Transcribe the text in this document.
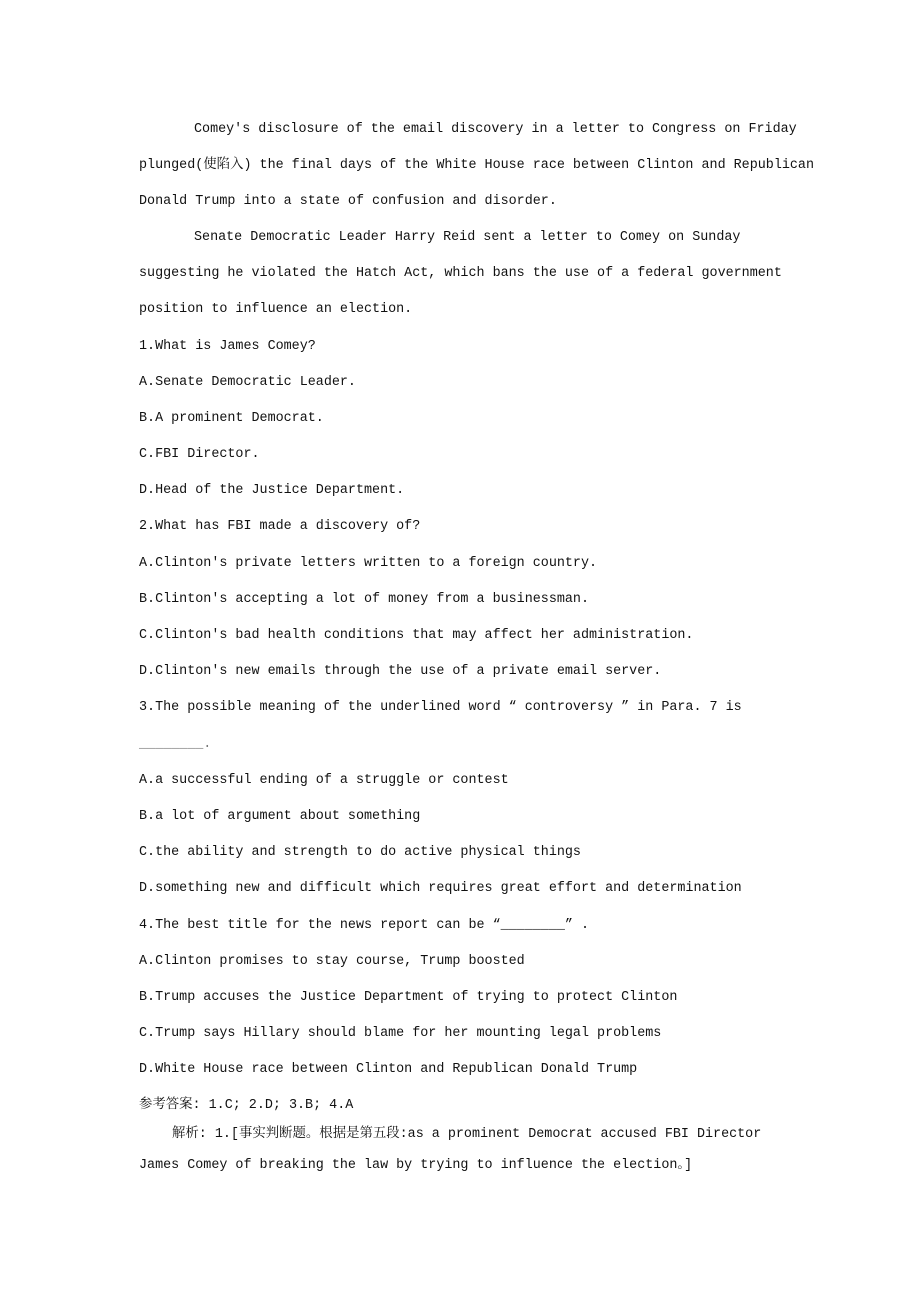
Comey's disclosure of the email discovery in a letter to Congress on Friday
plunged(使陷入) the final days of the White House race between Clinton and Republican
Donald Trump into a state of confusion and disorder.
Senate Democratic Leader Harry Reid sent a letter to Comey on Sunday
suggesting he violated the Hatch Act, which bans the use of a federal government
position to influence an election.
1.What is James Comey?
A.Senate Democratic Leader.
B.A prominent Democrat.
C.FBI Director.
D.Head of the Justice Department.
2.What has FBI made a discovery of?
A.Clinton's private letters written to a foreign country.
B.Clinton's accepting a lot of money from a businessman.
C.Clinton's bad health conditions that may affect her administration.
D.Clinton's new emails through the use of a private email server.
3.The possible meaning of the underlined word “ controversy ” in Para. 7 is
________.
A.a successful ending of a struggle or contest
B.a lot of argument about something
C.the ability and strength to do active physical things
D.something new and difficult which requires great effort and determination
4.The best title for the news report can be “________” .
A.Clinton promises to stay course, Trump boosted
B.Trump accuses the Justice Department of trying to protect Clinton
C.Trump says Hillary should blame for her mounting legal problems
D.White House race between Clinton and Republican Donald Trump
参考答案: 1.C; 2.D; 3.B; 4.A
解析: 1.[事实判断题。根据是第五段:as a prominent Democrat accused FBI Director
James Comey of breaking the law by trying to influence the election。]
